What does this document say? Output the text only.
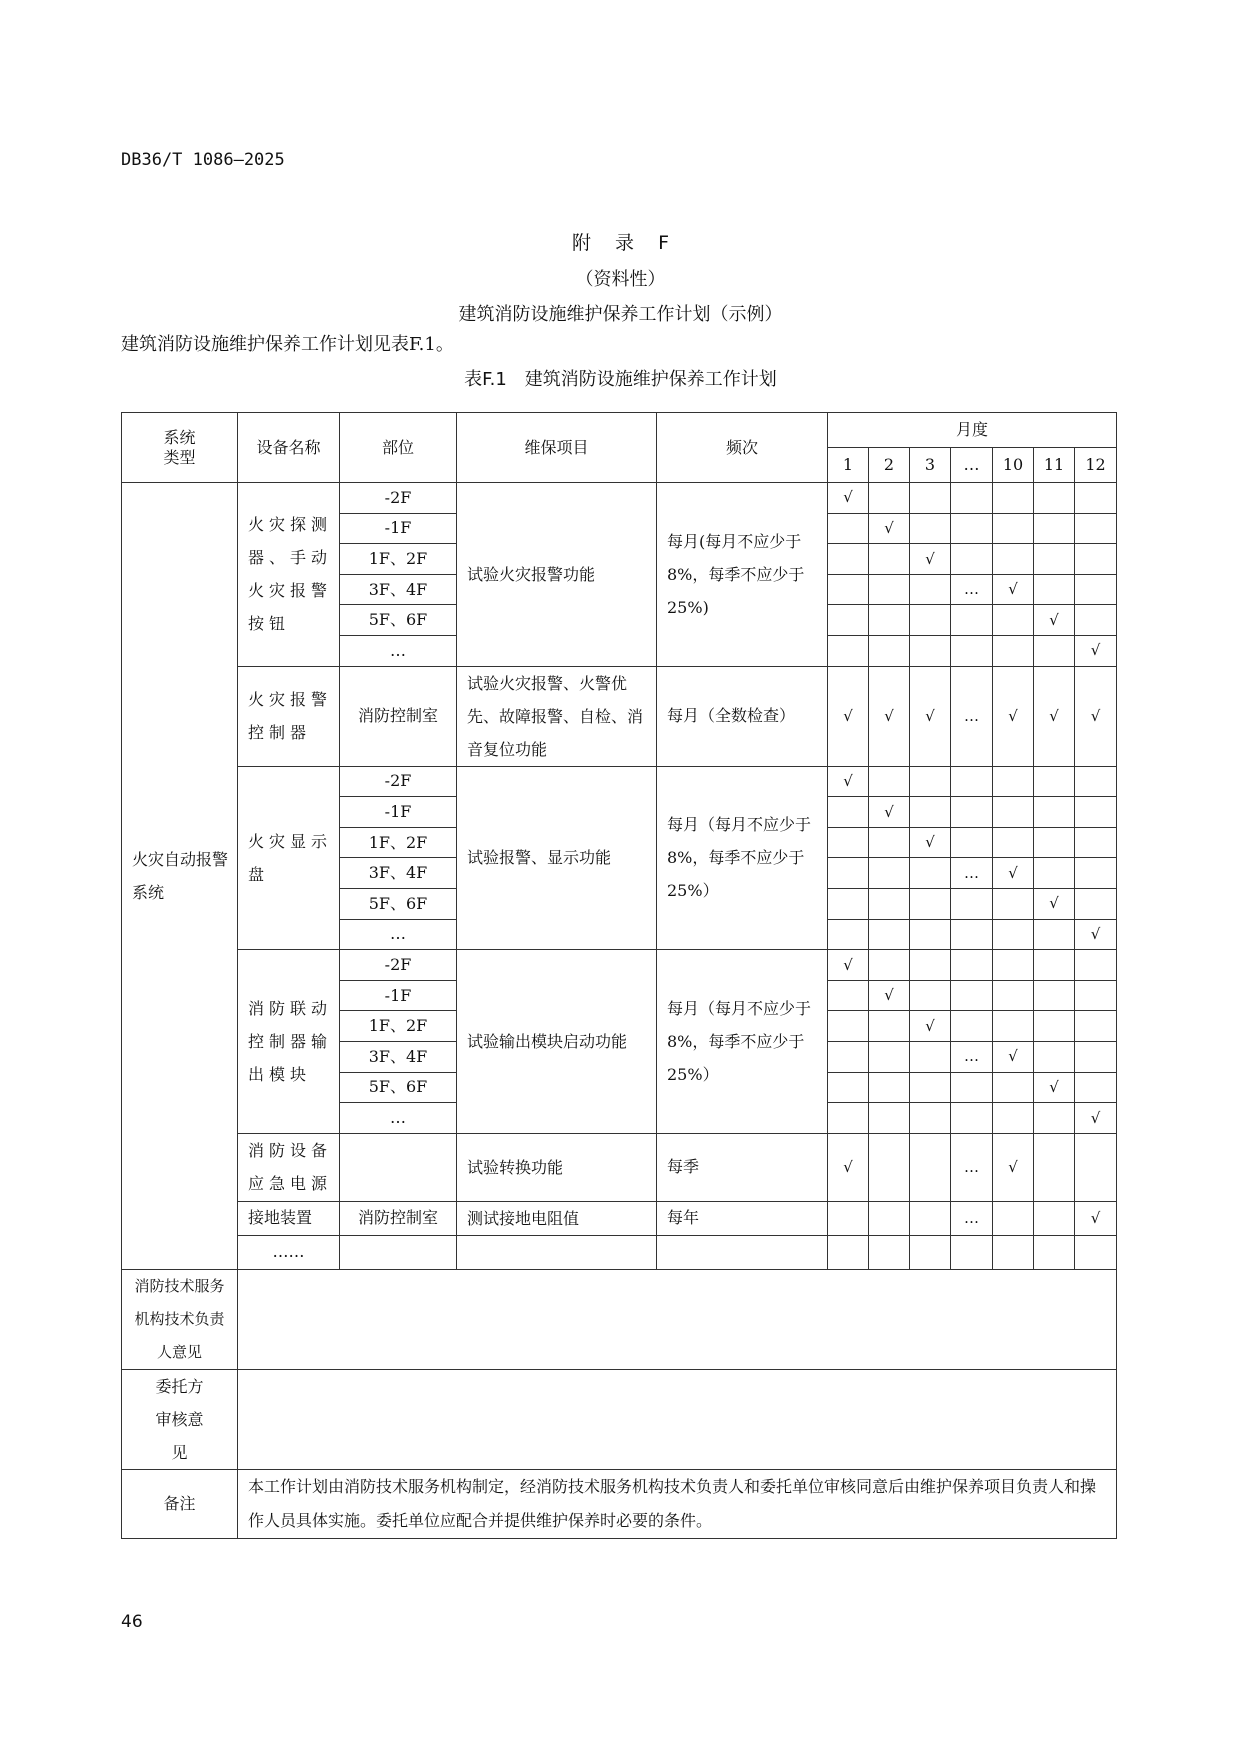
DB36/T 1086—2025
附 录 F
（资料性）
建筑消防设施维护保养工作计划（示例）
建筑消防设施维护保养工作计划见表F.1。
表F.1　建筑消防设施维护保养工作计划
系统类型	设备名称	部位	维保项目	频次	月度						
					1	2	3	…	10	11	12
火灾自动报警系统	火灾探测器、手动火灾报警按钮	-2F	试验火灾报警功能	每月(每月不应少于8%，每季不应少于25%)	√						
		-1F				√					
		1F、2F					√				
		3F、4F						…	√		
		5F、6F								√	
		…									√
	火灾报警控制器	消防控制室	试验火灾报警、火警优先、故障报警、自检、消音复位功能	每月（全数检查）	√	√	√	…	√	√	√
	火灾显示盘	-2F	试验报警、显示功能	每月（每月不应少于8%，每季不应少于25%）	√						
		-1F				√					
		1F、2F					√				
		3F、4F						…	√		
		5F、6F								√	
		…									√
	消防联动控制器输出模块	-2F	试验输出模块启动功能	每月（每月不应少于8%，每季不应少于25%）	√						
		-1F				√					
		1F、2F					√				
		3F、4F						…	√		
		5F、6F								√	
		…									√
	消防设备应急电源		试验转换功能	每季	√			…	√		
	接地装置	消防控制室	测试接地电阻值	每年				…			√
	……										
消防技术服务机构技术负责人意见											
委托方审核意见											
备注	本工作计划由消防技术服务机构制定，经消防技术服务机构技术负责人和委托单位审核同意后由维护保养项目负责人和操作人员具体实施。委托单位应配合并提供维护保养时必要的条件。										
46
